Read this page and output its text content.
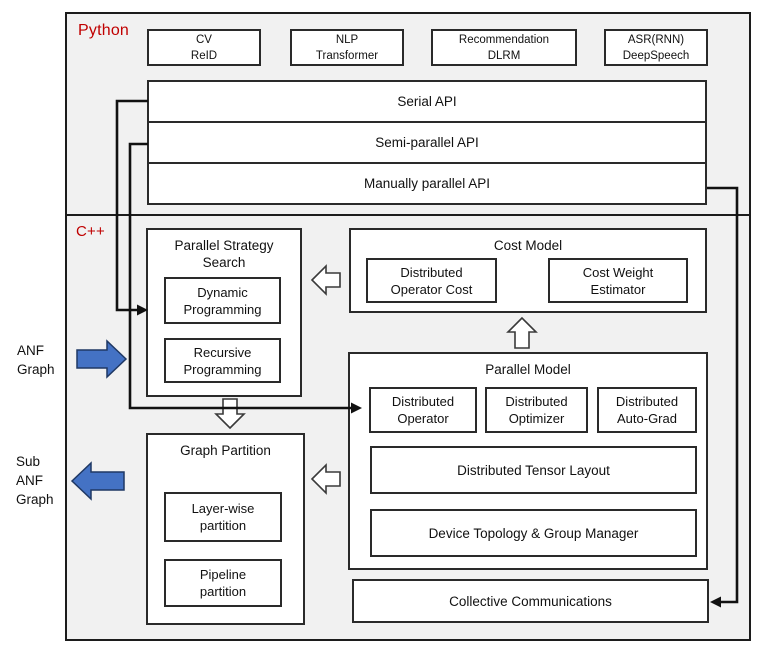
Python
CV
ReID
NLP
Transformer
Recommendation
DLRM
ASR(RNN)
DeepSpeech
Serial API
Semi-parallel API
Manually parallel API
C++
Parallel Strategy Search
Dynamic Programming
Recursive Programming
Cost Model
Distributed Operator Cost
Cost Weight Estimator
Parallel Model
Distributed Operator
Distributed Optimizer
Distributed Auto-Grad
Distributed Tensor Layout
Device Topology & Group Manager
Graph Partition
Layer-wise partition
Pipeline partition
Collective Communications
ANF
Graph
Sub
ANF
Graph
